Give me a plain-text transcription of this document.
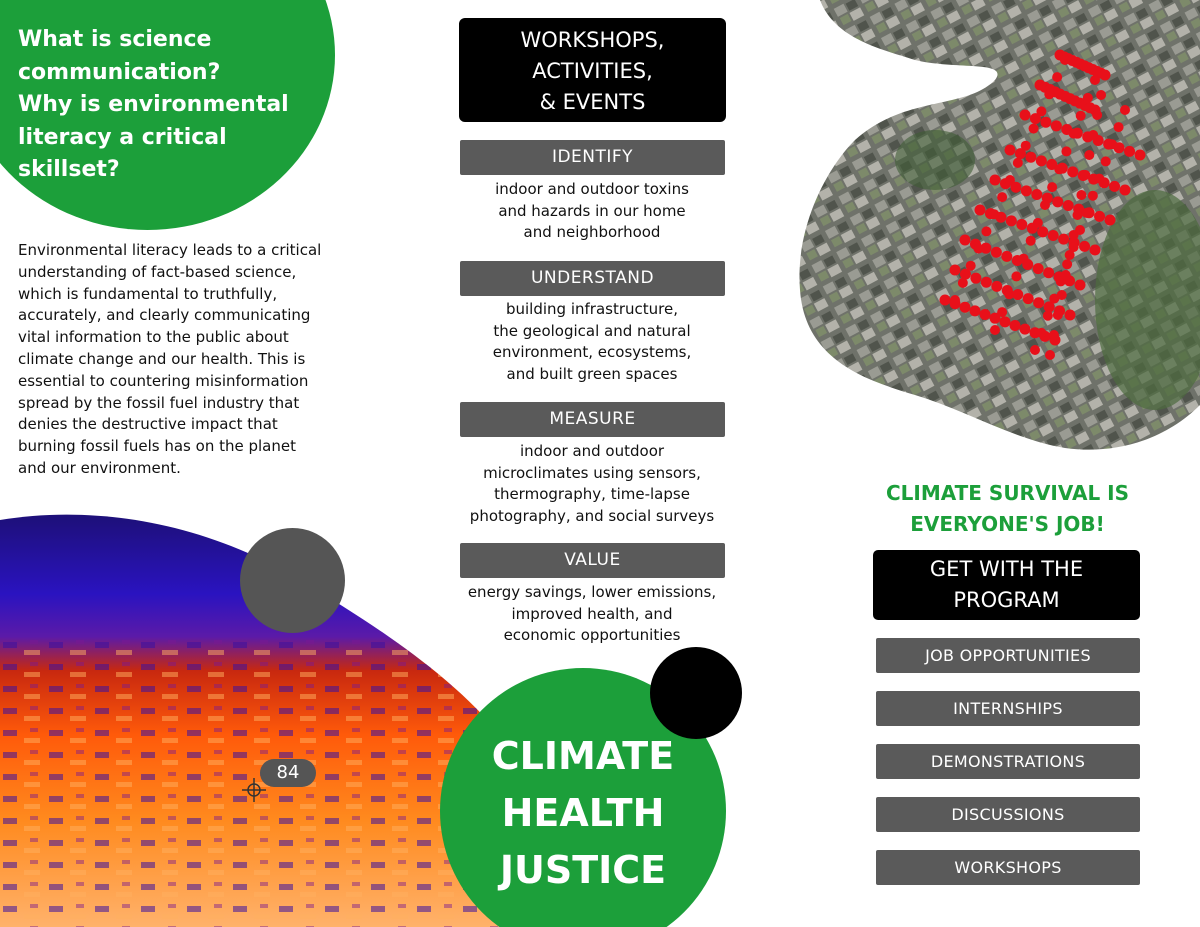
What is science communication?
Why is environmental literacy a critical skillset?

Environmental literacy leads to a critical understanding of fact-based science, which is fundamental to truthfully, accurately, and clearly communicating vital information to the public about climate change and our health. This is essential to countering misinformation spread by the fossil fuel industry that denies the destructive impact that burning fossil fuels has on the planet and our environment.

84
WORKSHOPS,
ACTIVITIES,
& EVENTS
IDENTIFY
indoor and outdoor toxins
and hazards in our home
and neighborhood
UNDERSTAND
building infrastructure,
the geological and natural
environment, ecosystems,
and built green spaces
MEASURE
indoor and outdoor
microclimates using sensors,
thermography, time-lapse
photography, and social surveys
VALUE
energy savings, lower emissions,
improved health, and
economic opportunities
CLIMATE
HEALTH
JUSTICE
CLIMATE SURVIVAL IS
EVERYONE'S JOB!
GET WITH THE
PROGRAM
JOB OPPORTUNITIES
INTERNSHIPS
DEMONSTRATIONS
DISCUSSIONS
WORKSHOPS
